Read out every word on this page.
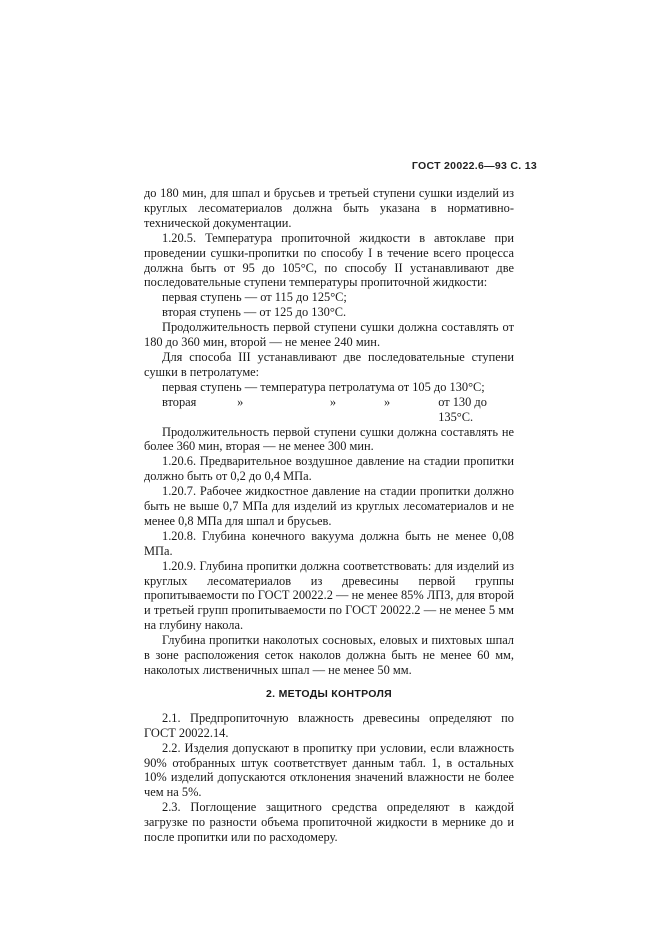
ГОСТ 20022.6—93 С. 13

до 180 мин, для шпал и брусьев и третьей ступени сушки изделий из круглых лесоматериалов должна быть указана в нормативно-технической документации.

1.20.5. Температура пропиточной жидкости в автоклаве при проведении сушки-пропитки по способу I в течение всего процесса должна быть от 95 до 105°С, по способу II устанавливают две последовательные ступени температуры пропиточной жидкости:

первая ступень — от 115 до 125°С;

вторая ступень — от 125 до 130°С.

Продолжительность первой ступени сушки должна составлять от 180 до 360 мин, второй — не менее 240 мин.

Для способа III устанавливают две последовательные ступени сушки в петролатуме:

первая ступень — температура петролатума от 105 до 130°С;

вторая	»	»	»	от 130 до 135°С.

Продолжительность первой ступени сушки должна составлять не более 360 мин, вторая — не менее 300 мин.

1.20.6. Предварительное воздушное давление на стадии пропитки должно быть от 0,2 до 0,4 МПа.

1.20.7. Рабочее жидкостное давление на стадии пропитки должно быть не выше 0,7 МПа для изделий из круглых лесоматериалов и не менее 0,8 МПа для шпал и брусьев.

1.20.8. Глубина конечного вакуума должна быть не менее 0,08 МПа.

1.20.9. Глубина пропитки должна соответствовать: для изделий из круглых лесоматериалов из древесины первой группы пропитываемости по ГОСТ 20022.2 — не менее 85% ЛПЗ, для второй и третьей групп пропитываемости по ГОСТ 20022.2 — не менее 5 мм на глубину накола.

Глубина пропитки наколотых сосновых, еловых и пихтовых шпал в зоне расположения сеток наколов должна быть не менее 60 мм, наколотых лиственичных шпал — не менее 50 мм.

2. МЕТОДЫ КОНТРОЛЯ

2.1. Предпропиточную влажность древесины определяют по ГОСТ 20022.14.

2.2. Изделия допускают в пропитку при условии, если влажность 90% отобранных штук соответствует данным табл. 1, в остальных 10% изделий допускаются отклонения значений влажности не более чем на 5%.

2.3. Поглощение защитного средства определяют в каждой загрузке по разности объема пропиточной жидкости в мернике до и после пропитки или по расходомеру.
